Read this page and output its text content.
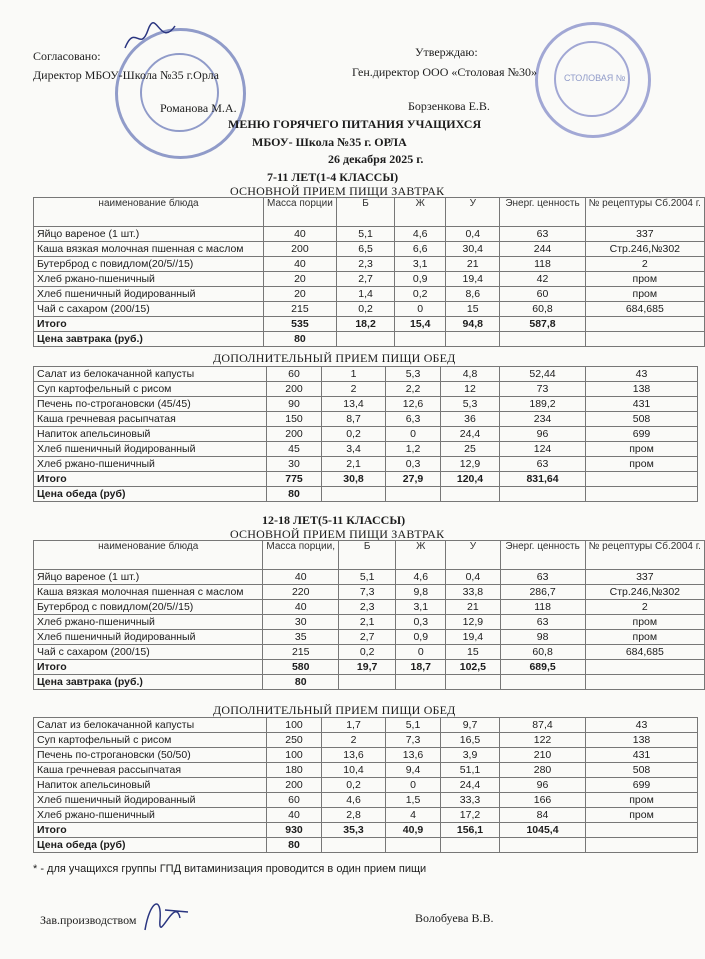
СТОЛОВАЯ №
Согласовано:
Директор МБОУ-Школа №35 г.Орла
Романова М.А.
Утверждаю:
Ген.директор ООО «Столовая №30»
Борзенкова Е.В.
МЕНЮ ГОРЯЧЕГО ПИТАНИЯ УЧАЩИХСЯ
МБОУ- Школа №35 г. ОРЛА
26 декабря 2025 г.
7-11 ЛЕТ(1-4 КЛАССЫ)
ОСНОВНОЙ ПРИЕМ ПИЩИ ЗАВТРАК
наименование блюда	Масса порции	Б	Ж	У	Энерг. ценность	№ рецептуры Сб.2004 г.
Яйцо вареное (1 шт.)	40	5,1	4,6	0,4	63	337
Каша вязкая молочная пшенная с маслом	200	6,5	6,6	30,4	244	Стр.246,№302
Бутерброд с повидлом(20/5//15)	40	2,3	3,1	21	118	2
Хлеб ржано-пшеничный	20	2,7	0,9	19,4	42	пром
Хлеб пшеничный йодированный	20	1,4	0,2	8,6	60	пром
Чай с сахаром (200/15)	215	0,2	0	15	60,8	684,685
Итого	535	18,2	15,4	94,8	587,8	
Цена завтрака (руб.)	80					
ДОПОЛНИТЕЛЬНЫЙ ПРИЕМ ПИЩИ ОБЕД
Салат из белокачанной капусты	60	1	5,3	4,8	52,44	43
Суп картофельный с рисом	200	2	2,2	12	73	138
Печень по-строгановски (45/45)	90	13,4	12,6	5,3	189,2	431
Каша гречневая расыпчатая	150	8,7	6,3	36	234	508
Напиток апельсиновый	200	0,2	0	24,4	96	699
Хлеб пшеничный йодированный	45	3,4	1,2	25	124	пром
Хлеб ржано-пшеничный	30	2,1	0,3	12,9	63	пром
Итого	775	30,8	27,9	120,4	831,64	
Цена обеда (руб)	80					
12-18 ЛЕТ(5-11 КЛАССЫ)
ОСНОВНОЙ ПРИЕМ ПИЩИ ЗАВТРАК
наименование блюда	Масса порции,	Б	Ж	У	Энерг. ценность	№ рецептуры Сб.2004 г.
Яйцо вареное (1 шт.)	40	5,1	4,6	0,4	63	337
Каша вязкая молочная пшенная с маслом	220	7,3	9,8	33,8	286,7	Стр.246,№302
Бутерброд с повидлом(20/5//15)	40	2,3	3,1	21	118	2
Хлеб ржано-пшеничный	30	2,1	0,3	12,9	63	пром
Хлеб пшеничный йодированный	35	2,7	0,9	19,4	98	пром
Чай с сахаром (200/15)	215	0,2	0	15	60,8	684,685
Итого	580	19,7	18,7	102,5	689,5	
Цена завтрака (руб.)	80					
ДОПОЛНИТЕЛЬНЫЙ ПРИЕМ ПИЩИ ОБЕД
Салат из белокачанной капусты	100	1,7	5,1	9,7	87,4	43
Суп картофельный с рисом	250	2	7,3	16,5	122	138
Печень по-строгановски (50/50)	100	13,6	13,6	3,9	210	431
Каша гречневая рассыпчатая	180	10,4	9,4	51,1	280	508
Напиток апельсиновый	200	0,2	0	24,4	96	699
Хлеб пшеничный йодированный	60	4,6	1,5	33,3	166	пром
Хлеб ржано-пшеничный	40	2,8	4	17,2	84	пром
Итого	930	35,3	40,9	156,1	1045,4	
Цена обеда (руб)	80					
* - для учащихся группы ГПД витаминизация проводится в один прием пищи
Зав.производством	Волобуева В.В.
